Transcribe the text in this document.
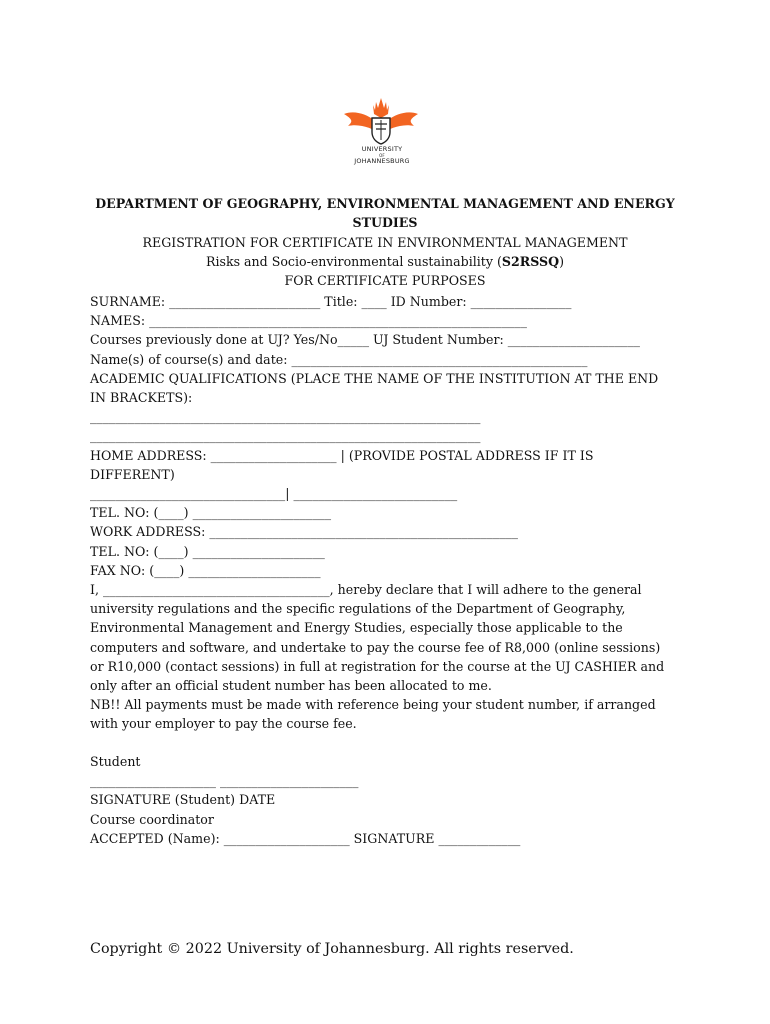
UNIVERSITY
OF
JOHANNESBURG
DEPARTMENT OF GEOGRAPHY, ENVIRONMENTAL MANAGEMENT AND ENERGY
STUDIES
REGISTRATION FOR CERTIFICATE IN ENVIRONMENTAL MANAGEMENT
Risks and Socio-environmental sustainability (S2RSSQ)
FOR CERTIFICATE PURPOSES
SURNAME: ________________________ Title: ____ ID Number: ________________
NAMES: ____________________________________________________________
Courses previously done at UJ? Yes/No_____ UJ Student Number: _____________________
Name(s) of course(s) and date: _______________________________________________
ACADEMIC QUALIFICATIONS (PLACE THE NAME OF THE INSTITUTION AT THE END
IN BRACKETS):
______________________________________________________________
______________________________________________________________
HOME ADDRESS: ____________________ | (PROVIDE POSTAL ADDRESS IF IT IS
DIFFERENT)
_______________________________| __________________________
TEL. NO: (____) ______________________
WORK ADDRESS: _________________________________________________
TEL. NO: (____) _____________________
FAX NO: (____) _____________________
I, ____________________________________, hereby declare that I will adhere to the general university regulations and the specific regulations of the Department of Geography, Environmental Management and Energy Studies, especially those applicable to the computers and software, and undertake to pay the course fee of R8,000 (online sessions) or R10,000 (contact sessions) in full at registration for the course at the UJ CASHIER and only after an official student number has been allocated to me.
NB!! All payments must be made with reference being your student number, if arranged with your employer to pay the course fee.
Student
____________________ ______________________
SIGNATURE (Student) DATE
Course coordinator
ACCEPTED (Name): ____________________ SIGNATURE _____________
Copyright © 2022 University of Johannesburg. All rights reserved.
